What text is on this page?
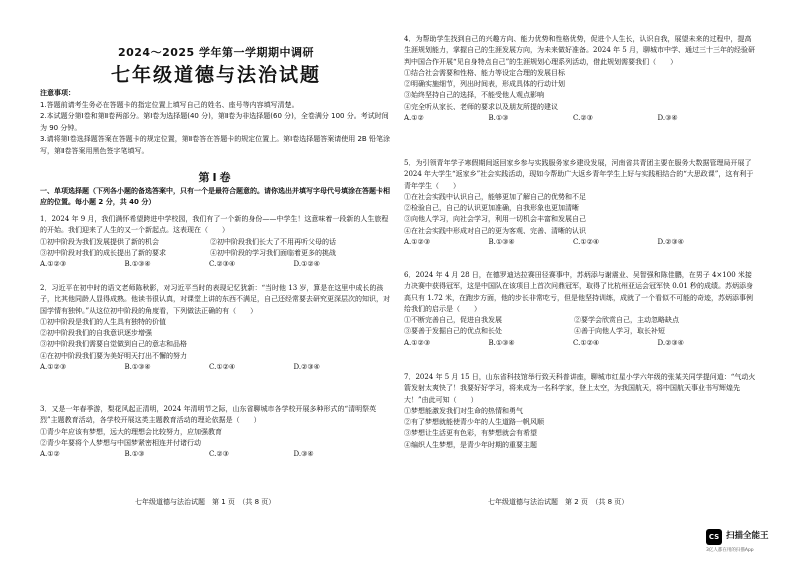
2024～2025 学年第一学期期中调研
七年级道德与法治试题

注意事项：

1.答题前请考生务必在答题卡的指定位置上填写自己的姓名、座号等内容填写清楚。

2.本试题分第Ⅰ卷和第Ⅱ卷两部分。第Ⅰ卷为选择题(40 分)，第Ⅱ卷为非选择题(60 分)，全卷满分 100 分。考试时间为 90 分钟。

3.请将第Ⅰ卷选择题答案在答题卡的规定位置，第Ⅱ卷答在答题卡的规定位置上。第Ⅰ卷选择题答案请使用 2B 铅笔涂写，第Ⅱ卷答案用黑色签字笔填写。

第Ⅰ卷
一、单项选择题（下列各小题的备选答案中，只有一个是最符合题意的。请你选出并填写字母代号填涂在答题卡相应的位置。每小题 2 分，共 40 分）

1．2024 年 9 月，我们满怀希望跨进中学校园，我们有了一个新的身份——中学生！这意味着一段新的人生旅程的开始。我们迎来了人生的又一个新起点。这表现在（　　）

①初中阶段为我们发展提供了新的机会	②初中阶段我们长大了不用再听父母的话

③初中阶段对我们的成长提出了新的要求	④初中阶段的学习我们面临着更多的挑战

A.①②③	B.①③④	C.②③④	D.①②④

2．习近平在初中时的语文老师陈秋影，对习近平当时的表现记忆犹新：“当时他 13 岁，算是在这里中成长的孩子，比其他同龄人显得成熟。他读书很认真，对课堂上讲的东西不满足，自己还经常要去研究更深层次的知识，对国学情有独钟。”从这位初中阶段的角度看，下列做法正确的有（　　）

①初中阶段是我们的人生具有独特的价值

②初中阶段我们的自我意识逐步增强

③初中阶段我们需要自觉做到自己的意志和品格

④在初中阶段我们要为美好明天打出不懈的努力

A.①②③	B.①③④	C.①②④	D.②③④

3．又是一年春季游，梨花风起正清明，2024 年清明节之际，山东省聊城市各学校开展多种形式的“清明祭英烈”主题教育活动，各学校开展这类主题教育活动的理论依据是（　　）

①青少年应该有梦想，远大的理想会比较努力，应加强教育

②青少年要将个人梦想与中国梦紧密相连并付诸行动

A.①②	B.①③	C.②③	D.③④
七年级道德与法治试题　第 1 页　（共 8 页）

4．为帮助学生找到自己的兴趣方向、能力优势和性格优势，促进个人生长，认识自我，展望未来的过程中，提高生涯规划能力，掌握自己的生涯发展方向，为未来做好准备。2024 年 5 月，聊城市中学、通过三十三年的经验研判中国合作开展“见自身特点自己”的生涯规划心理系列活动，借此规划需要我们（　　）

①结合社会需要和性格、能力等设定合理的发展目标

②明确实施细节，列出时间表，形成具体的行动计划

③始终坚持自己的选择，不能受他人观点影响

④完全听从家长、老师的要求以及朋友所提的建议

A.①②	B.①③	C.②③	D.③④

5．为引领青年学子寒假期间返回家乡参与实践服务家乡建设发展，河南省共青团主要在服务大数据管理局开展了 2024 年大学生“返家乡”社会实践活动，现如今帮助广大返乡青年学生上好与实践相结合的“大思政课”，这有利于青年学生（　　）

①在社会实践中认识自己，能够更加了解自己的优势和不足

②检验自己，自己的认识更加准确，自我形象也更加清晰

③向他人学习，向社会学习，利用一切机会丰富和发展自己

④在社会实践中形成对自己的更为客观、完善、清晰的认识

A.①②③	B.①③④	C.①②④	D.②③④

6．2024 年 4 月 28 日，在德罗迪达拉赛田径赛事中，苏炳添与谢震业、吴智强和陈佳鹏，在男子 4×100 米接力决赛中获得冠军，这是中国队在该项目上首次问鼎冠军，取得了比杭州亚运会冠军快 0.01 秒的成绩。苏炳添身高只有 1.72 米，在跑步方面，他的步长非常吃亏，但是他坚持训练，成就了一个看似不可能的奇迹，苏炳添事例给我们的启示是（　　）

①不断完善自己，促进自我发展	②要学会欣赏自己，主动忽略缺点

③要善于发掘自己的优点和长处	④善于向他人学习，取长补短

A.①②③	B.①③④	C.①②④	D.②③④

7．2024 年 5 月 15 日，山东省科技馆举行致天科普讲座，聊城市红星小学六年级的张某关同学提问道：“气动火箭发射太爽快了！我要好好学习，将来成为一名科学家，登上太空，为我国航天，将中国航天事业书写辉煌先大！”由此可知（　　）

①梦想能激发我们对生命的热情和勇气

②有了梦想就能使青少年的人生道路一帆风顺

③梦想让生活更有色彩，有梦想就会有希望

④编织人生梦想，是青少年时期的重要主题

七年级道德与法治试题　第 2 页　（共 8 页）
CS 扫描全能王
3亿人都在用的扫描App
